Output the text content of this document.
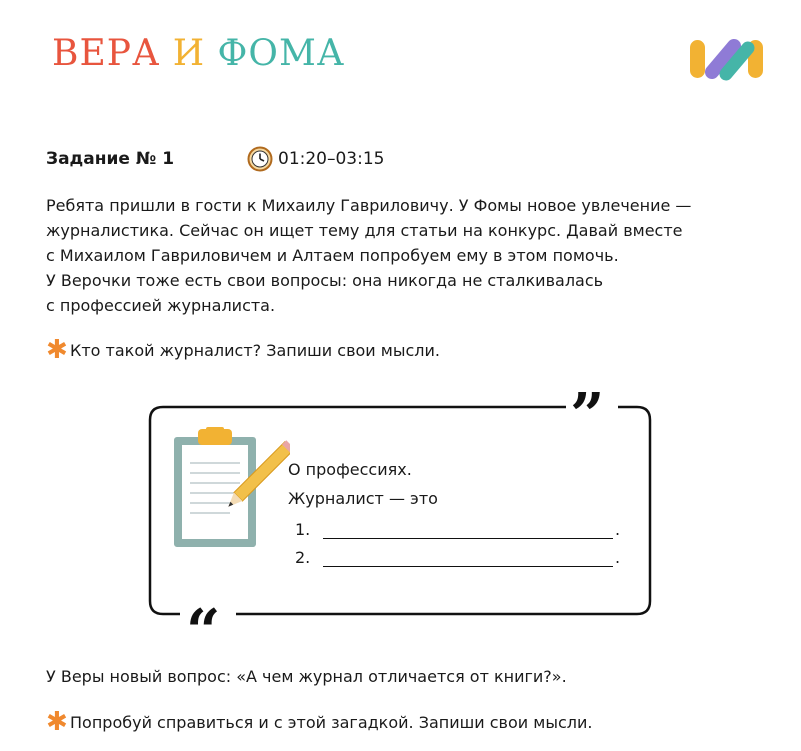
ВЕРА И ФОМА
Задание № 1	01:20–03:15
Ребята пришли в гости к Михаилу Гавриловичу. У Фомы новое увлечение —
журналистика. Сейчас он ищет тему для статьи на конкурс. Давай вместе
с Михаилом Гавриловичем и Алтаем попробуем ему в этом помочь.
У Верочки тоже есть свои вопросы: она никогда не сталкивалась
с профессией журналиста.
✱ Кто такой журналист? Запиши свои мысли.
”
“
О профессиях.
Журналист — это
1.	.
2.	.
У Веры новый вопрос: «А чем журнал отличается от книги?».
✱ Попробуй справиться и с этой загадкой. Запиши свои мысли.
